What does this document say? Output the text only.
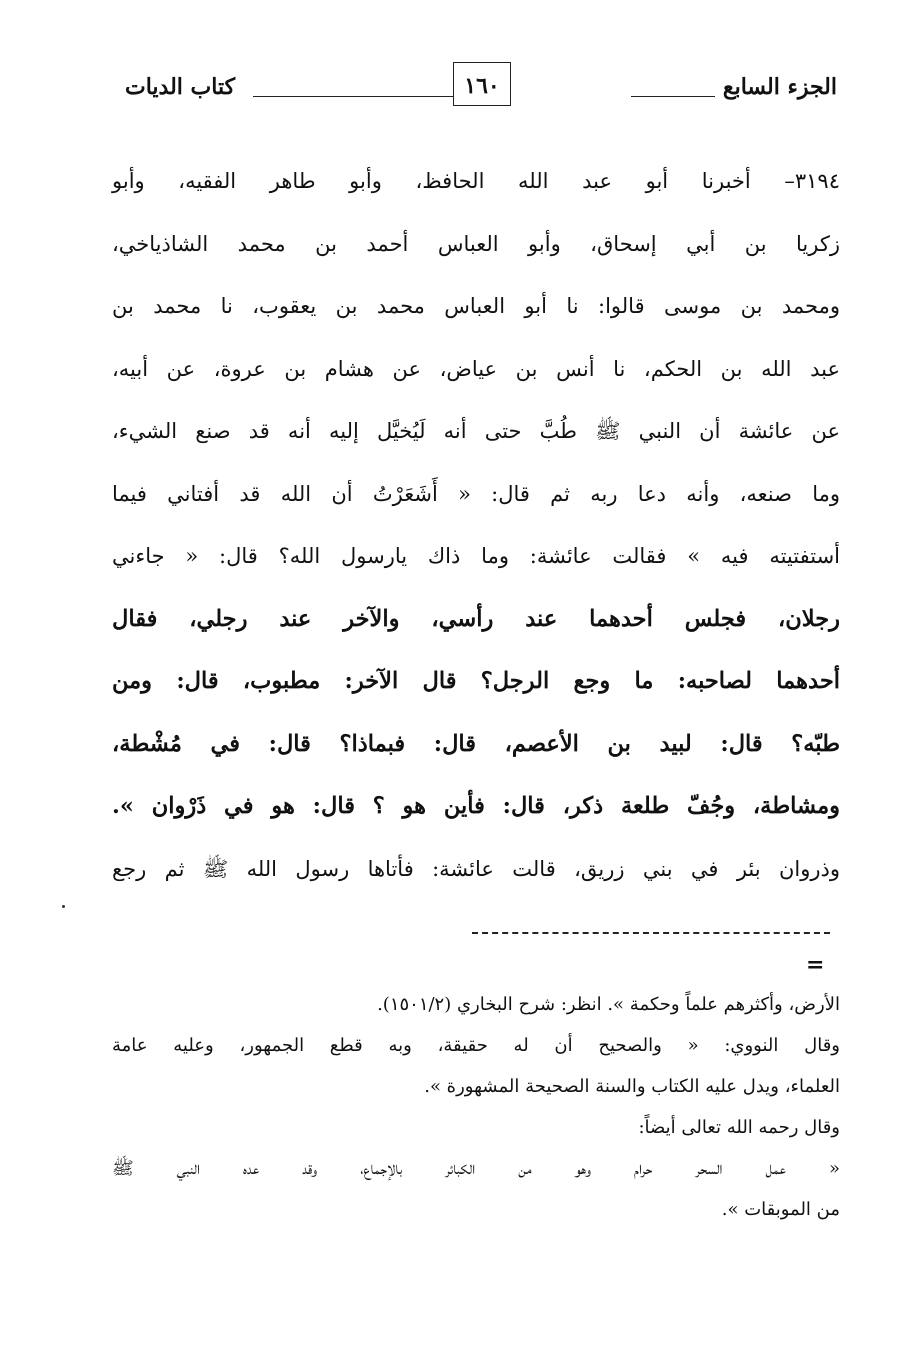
الجزء السابع
١٦٠
كتاب الديات
٣١٩٤– أخبرنا أبو عبد الله الحافظ، وأبو طاهر الفقيه، وأبو
زكريا بن أبي إسحاق، وأبو العباس أحمد بن محمد الشاذياخي،
ومحمد بن موسى قالوا: نا أبو العباس محمد بن يعقوب، نا محمد بن
عبد الله بن الحكم، نا أنس بن عياض، عن هشام بن عروة، عن أبيه،
عن عائشة أن النبي ﷺ طُبَّ حتى أنه لَيُخيَّل إليه أنه قد صنع الشيء،
وما صنعه، وأنه دعا ربه ثم قال: « أَشَعَرْتُ أن الله قد أفتاني فيما
أستفتيته فيه » فقالت عائشة: وما ذاك يارسول الله؟ قال: « جاءني
رجلان، فجلس أحدهما عند رأسي، والآخر عند رجلي، فقال
أحدهما لصاحبه: ما وجع الرجل؟ قال الآخر: مطبوب، قال: ومن
طبّه؟ قال: لبيد بن الأعصم، قال: فبماذا؟ قال: في مُشْطة،
ومشاطة، وجُفّ طلعة ذكر، قال: فأين هو ؟ قال: هو في ذَرْوان ».
وذروان بئر في بني زريق، قالت عائشة: فأتاها رسول الله ﷺ ثم رجع
=
الأرض، وأكثرهم علماً وحكمة ». انظر: شرح البخاري (١٥٠١/٢).
وقال النووي: « والصحيح أن له حقيقة، وبه قطع الجمهور، وعليه عامة
العلماء، ويدل عليه الكتاب والسنة الصحيحة المشهورة ».
وقال رحمه الله تعالى أيضاً:
« عمل السحر حرام وهو من الكبائر بالإجماع، وقد عده النبي ﷺ
من الموبقات ».
